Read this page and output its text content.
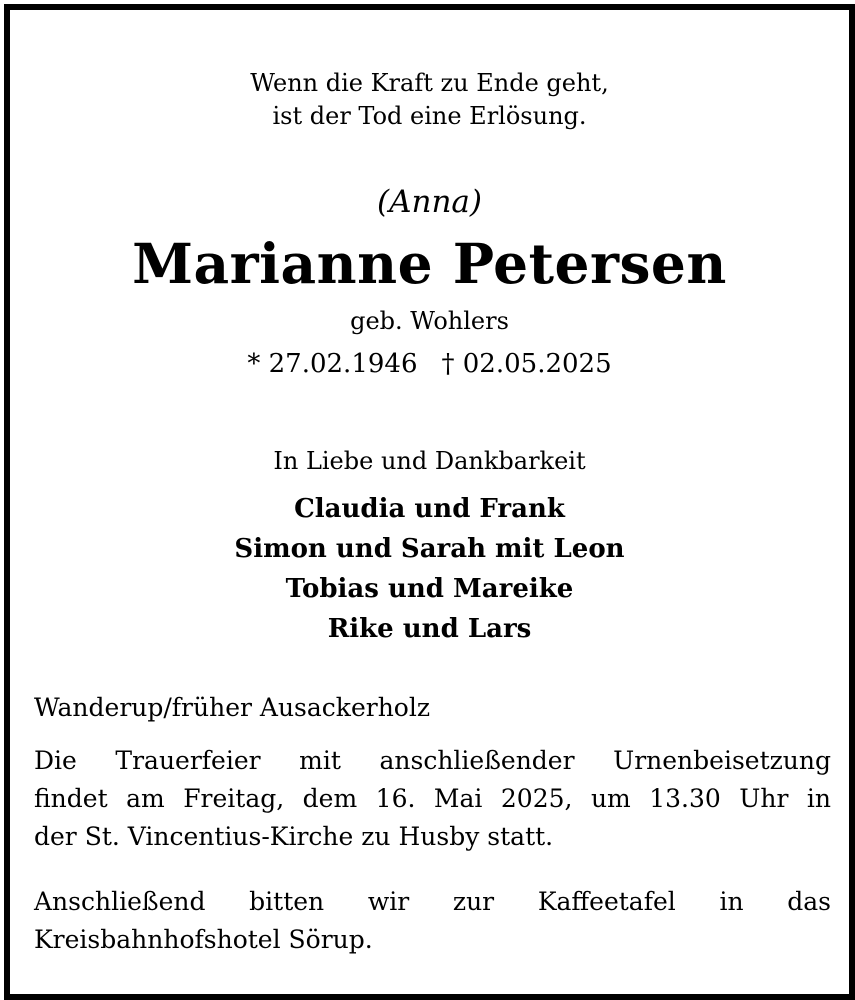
Wenn die Kraft zu Ende geht,
ist der Tod eine Erlösung.
(Anna)
Marianne Petersen
geb. Wohlers
* 27.02.1946 † 02.05.2025
In Liebe und Dankbarkeit
Claudia und Frank
Simon und Sarah mit Leon
Tobias und Mareike
Rike und Lars
Wanderup/früher Ausackerholz
Die Trauerfeier mit anschließender Urnenbeisetzung
findet am Freitag, dem 16. Mai 2025, um 13.30 Uhr in
der St. Vincentius-Kirche zu Husby statt.
Anschließend bitten wir zur Kaffeetafel in das
Kreisbahnhofshotel Sörup.
